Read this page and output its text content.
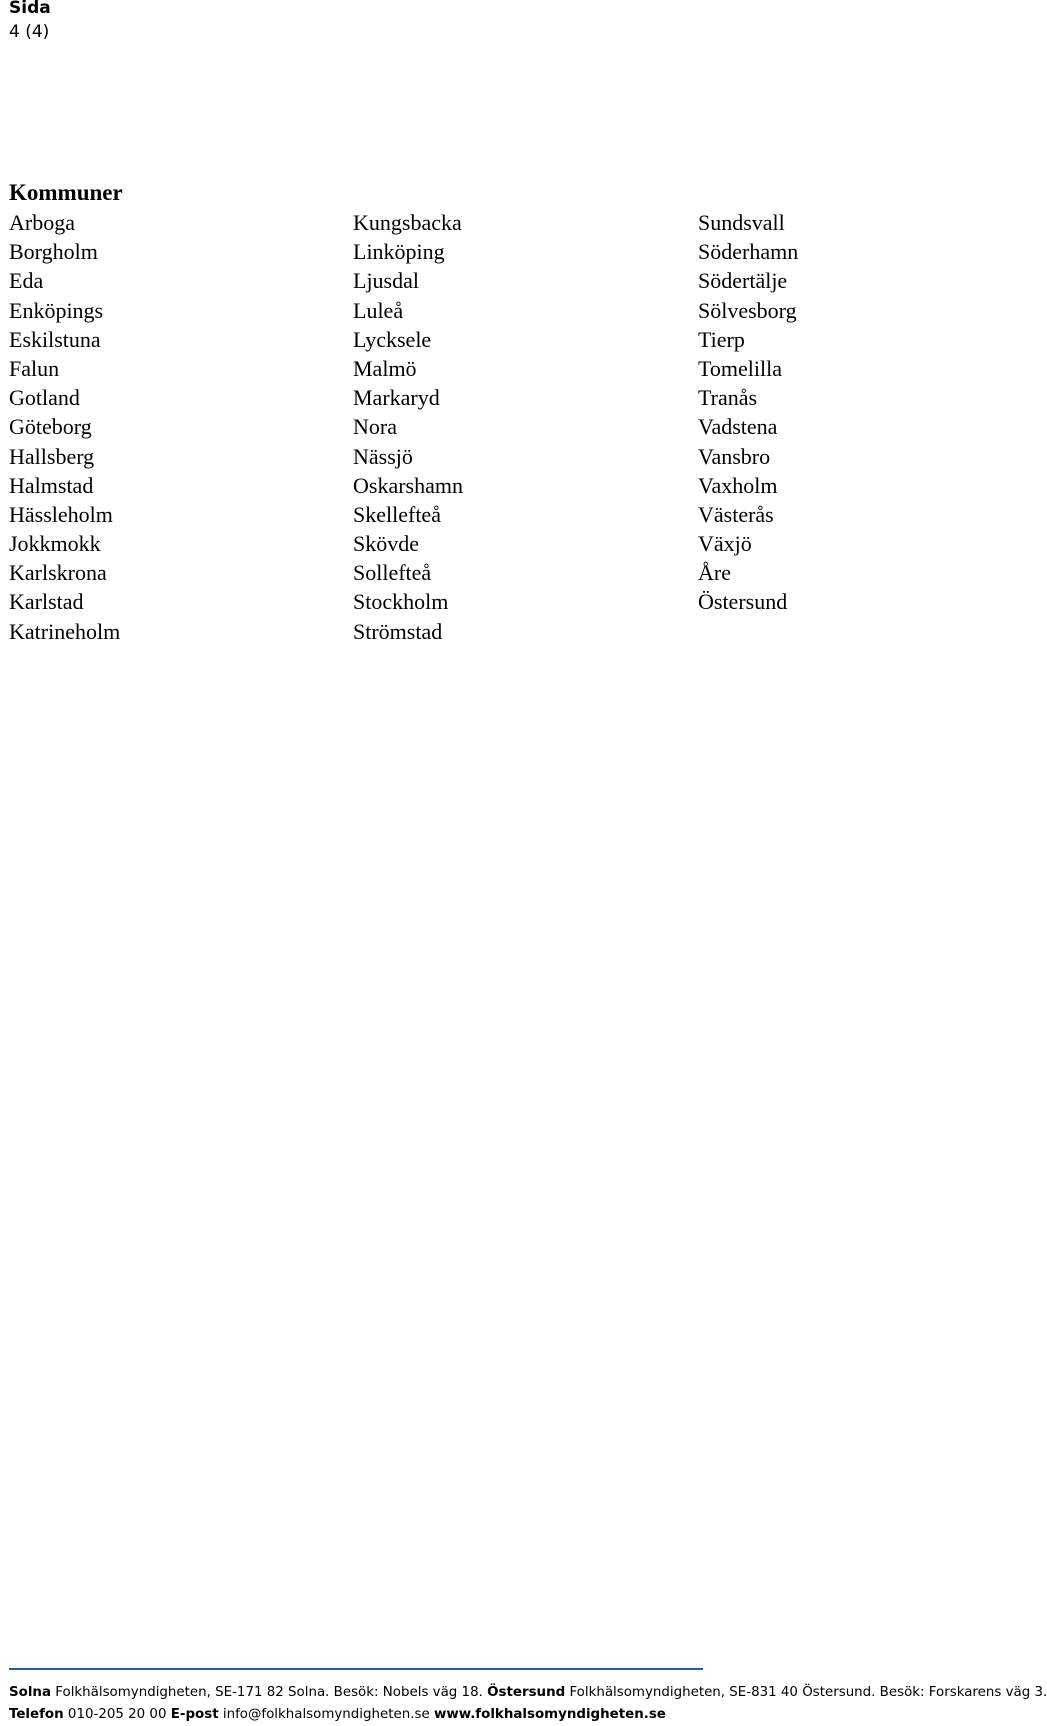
Sida
4 (4)
Kommuner
Arboga
Borgholm
Eda
Enköpings
Eskilstuna
Falun
Gotland
Göteborg
Hallsberg
Halmstad
Hässleholm
Jokkmokk
Karlskrona
Karlstad
Katrineholm
Kungsbacka
Linköping
Ljusdal
Luleå
Lycksele
Malmö
Markaryd
Nora
Nässjö
Oskarshamn
Skellefteå
Skövde
Sollefteå
Stockholm
Strömstad
Sundsvall
Söderhamn
Södertälje
Sölvesborg
Tierp
Tomelilla
Tranås
Vadstena
Vansbro
Vaxholm
Västerås
Växjö
Åre
Östersund
Solna Folkhälsomyndigheten, SE-171 82 Solna. Besök: Nobels väg 18. Östersund Folkhälsomyndigheten, SE-831 40 Östersund. Besök: Forskarens väg 3.
Telefon 010-205 20 00 E-post info@folkhalsomyndigheten.se www.folkhalsomyndigheten.se
